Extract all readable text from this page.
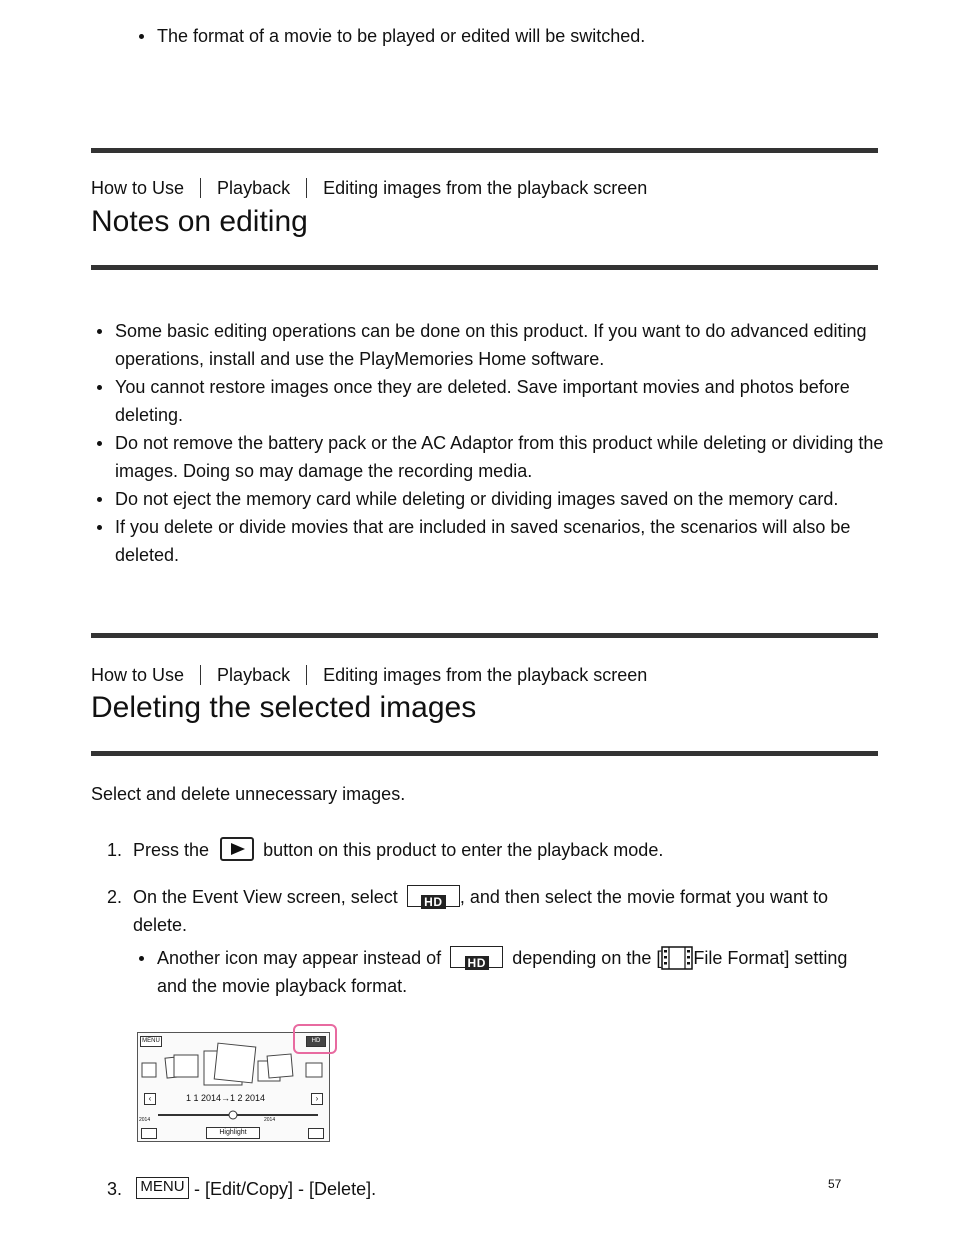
The format of a movie to be played or edited will be switched.
How to Use Playback Editing images from the playback screen
Notes on editing
Some basic editing operations can be done on this product. If you want to do advanced editing operations, install and use the PlayMemories Home software.
You cannot restore images once they are deleted. Save important movies and photos before deleting.
Do not remove the battery pack or the AC Adaptor from this product while deleting or dividing the images. Doing so may damage the recording media.
Do not eject the memory card while deleting or dividing images saved on the memory card.
If you delete or divide movies that are included in saved scenarios, the scenarios will also be deleted.
How to Use Playback Editing images from the playback screen
Deleting the selected images
Select and delete unnecessary images.
1. Press the	button on this product to enter the playback mode.
2. On the Event View screen, select HD , and then select the movie format you want to delete.
Another icon may appear instead of HD depending on the [ File Format] setting and the movie playback format.
MENU	HD
‹	›
1 1 2014→1 2 2014
2014	2014
Highlight
3. MENU - [Edit/Copy] - [Delete].	57
